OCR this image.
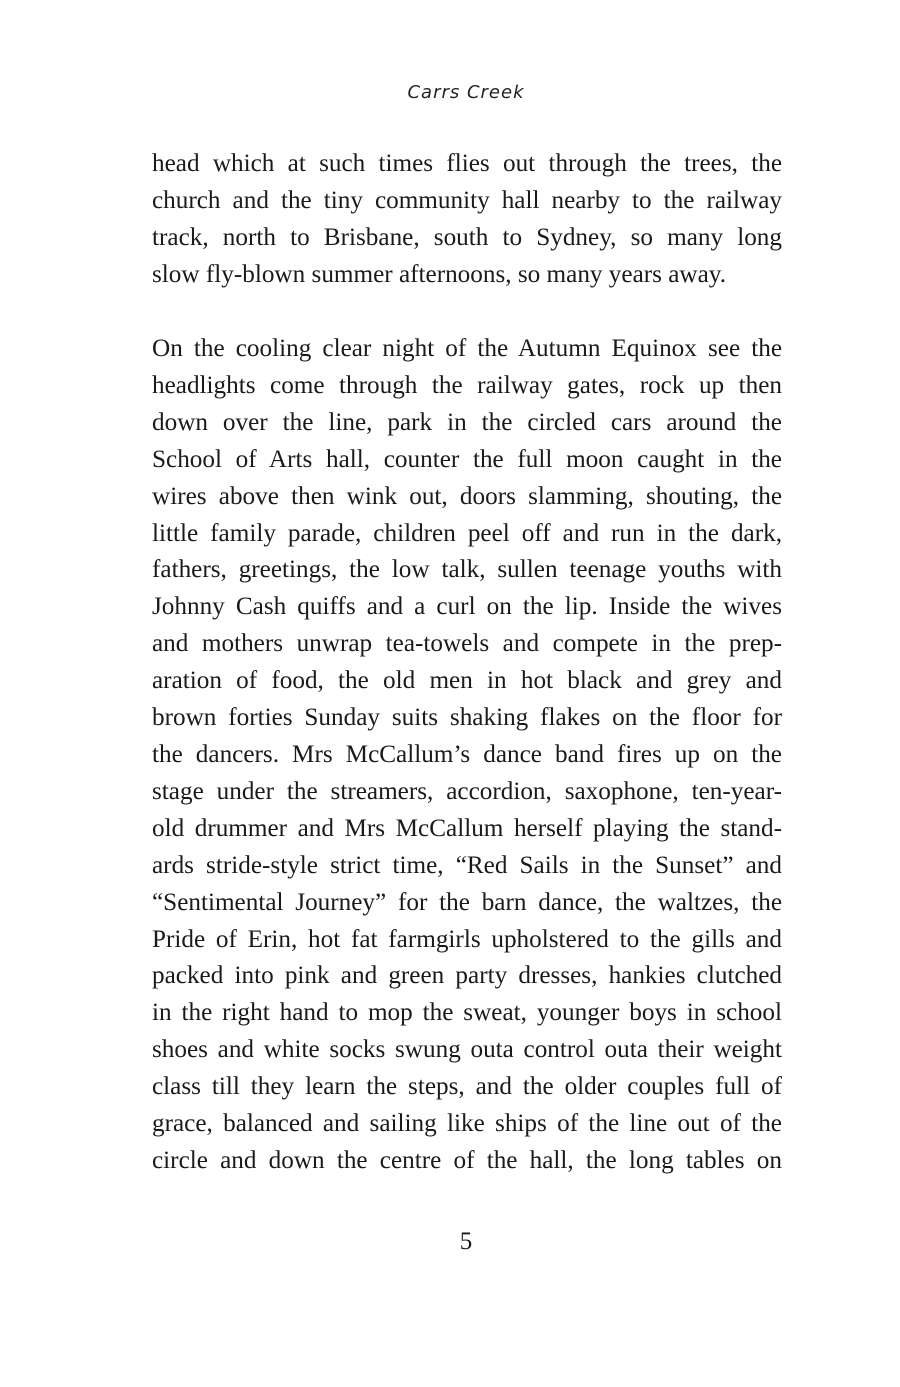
Carrs Creek
head which at such times flies out through the trees, the
church and the tiny community hall nearby to the railway
track, north to Brisbane, south to Sydney, so many long
slow fly-blown summer afternoons, so many years away.
On the cooling clear night of the Autumn Equinox see the
headlights come through the railway gates, rock up then
down over the line, park in the circled cars around the
School of Arts hall, counter the full moon caught in the
wires above then wink out, doors slamming, shouting, the
little family parade, children peel off and run in the dark,
fathers, greetings, the low talk, sullen teenage youths with
Johnny Cash quiffs and a curl on the lip. Inside the wives
and mothers unwrap tea-towels and compete in the prep-
aration of food, the old men in hot black and grey and
brown forties Sunday suits shaking flakes on the floor for
the dancers. Mrs McCallum’s dance band fires up on the
stage under the streamers, accordion, saxophone, ten-year-
old drummer and Mrs McCallum herself playing the stand-
ards stride-style strict time, “Red Sails in the Sunset” and
“Sentimental Journey” for the barn dance, the waltzes, the
Pride of Erin, hot fat farmgirls upholstered to the gills and
packed into pink and green party dresses, hankies clutched
in the right hand to mop the sweat, younger boys in school
shoes and white socks swung outa control outa their weight
class till they learn the steps, and the older couples full of
grace, balanced and sailing like ships of the line out of the
circle and down the centre of the hall, the long tables on
5
